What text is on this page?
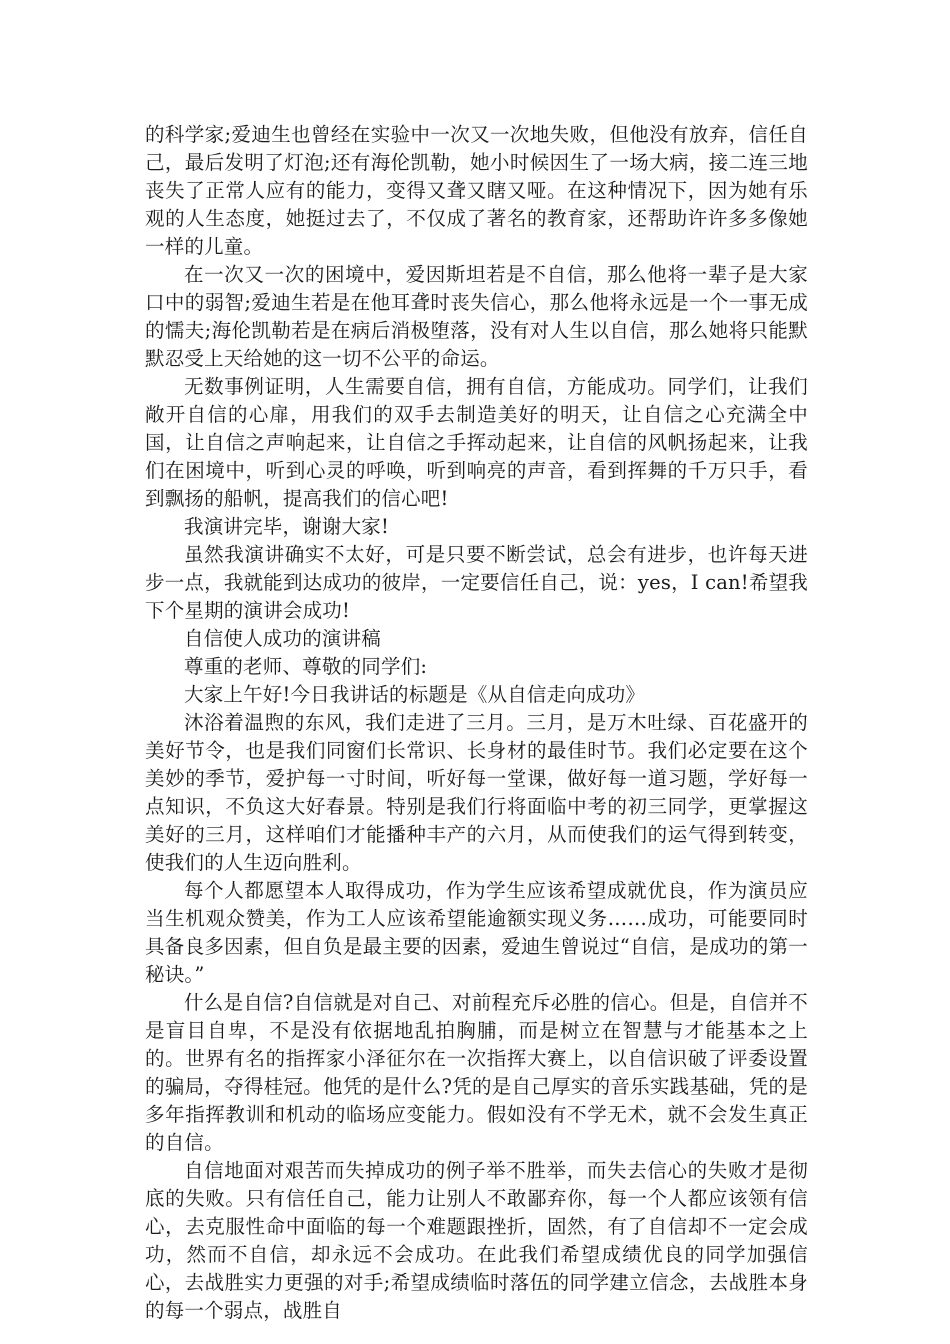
的科学家;爱迪生也曾经在实验中一次又一次地失败，但他没有放弃，信任自己，最后发明了灯泡;还有海伦凯勒，她小时候因生了一场大病，接二连三地丧失了正常人应有的能力，变得又聋又瞎又哑。在这种情况下，因为她有乐观的人生态度，她挺过去了，不仅成了著名的教育家，还帮助许许多多像她一样的儿童。

在一次又一次的困境中，爱因斯坦若是不自信，那么他将一辈子是大家口中的弱智;爱迪生若是在他耳聋时丧失信心，那么他将永远是一个一事无成的懦夫;海伦凯勒若是在病后消极堕落，没有对人生以自信，那么她将只能默默忍受上天给她的这一切不公平的命运。

无数事例证明，人生需要自信，拥有自信，方能成功。同学们，让我们敞开自信的心扉，用我们的双手去制造美好的明天，让自信之心充满全中国，让自信之声响起来，让自信之手挥动起来，让自信的风帆扬起来，让我们在困境中，听到心灵的呼唤，听到响亮的声音，看到挥舞的千万只手，看到飘扬的船帆，提高我们的信心吧!

我演讲完毕，谢谢大家!

虽然我演讲确实不太好，可是只要不断尝试，总会有进步，也许每天进步一点，我就能到达成功的彼岸，一定要信任自己，说：yes，I can!希望我下个星期的演讲会成功!

自信使人成功的演讲稿

尊重的老师、尊敬的同学们:

大家上午好!今日我讲话的标题是《从自信走向成功》

沐浴着温煦的东风，我们走进了三月。三月，是万木吐绿、百花盛开的美好节令，也是我们同窗们长常识、长身材的最佳时节。我们必定要在这个美妙的季节，爱护每一寸时间，听好每一堂课，做好每一道习题，学好每一点知识，不负这大好春景。特别是我们行将面临中考的初三同学，更掌握这美好的三月，这样咱们才能播种丰产的六月，从而使我们的运气得到转变，使我们的人生迈向胜利。

每个人都愿望本人取得成功，作为学生应该希望成就优良，作为演员应当生机观众赞美，作为工人应该希望能逾额实现义务……成功，可能要同时具备良多因素，但自负是最主要的因素，爱迪生曾说过“自信，是成功的第一秘诀。”

什么是自信?自信就是对自己、对前程充斥必胜的信心。但是，自信并不是盲目自卑，不是没有依据地乱拍胸脯，而是树立在智慧与才能基本之上的。世界有名的指挥家小泽征尔在一次指挥大赛上，以自信识破了评委设置的骗局，夺得桂冠。他凭的是什么?凭的是自己厚实的音乐实践基础，凭的是多年指挥教训和机动的临场应变能力。假如没有不学无术，就不会发生真正的自信。

自信地面对艰苦而失掉成功的例子举不胜举，而失去信心的失败才是彻底的失败。只有信任自己，能力让别人不敢鄙弃你，每一个人都应该领有信心，去克服性命中面临的每一个难题跟挫折，固然，有了自信却不一定会成功，然而不自信，却永远不会成功。在此我们希望成绩优良的同学加强信心，去战胜实力更强的对手;希望成绩临时落伍的同学建立信念，去战胜本身的每一个弱点，战胜自
